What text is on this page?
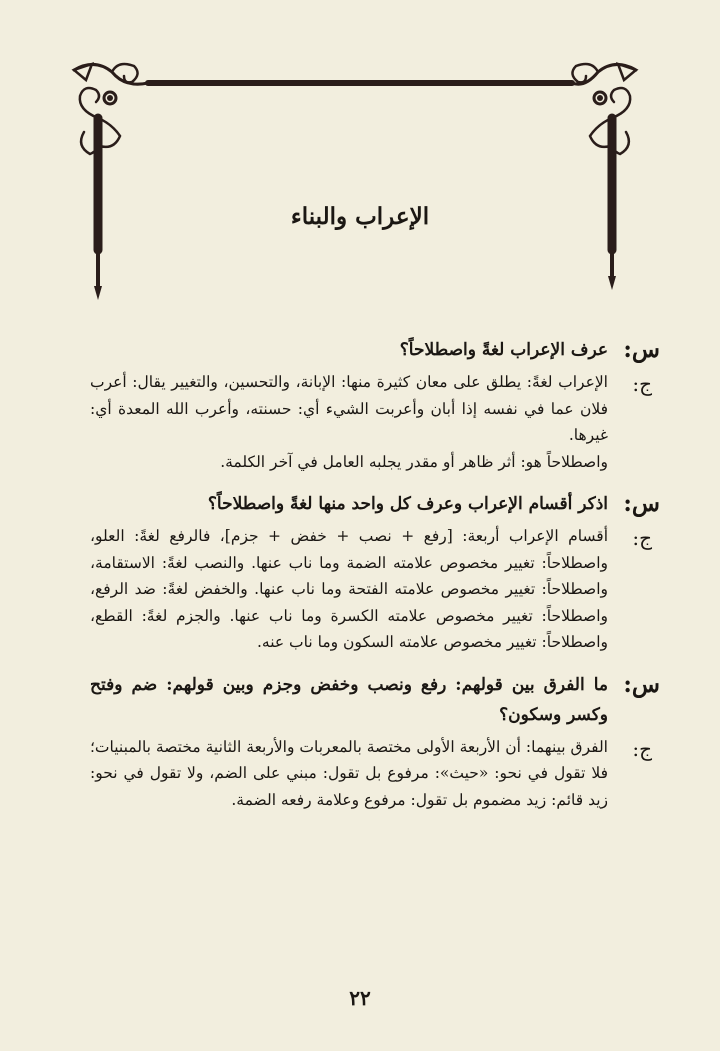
الإعراب والبناء
س:
عرف الإعراب لغةً واصطلاحاً؟
ج:

الإعراب لغةً: يطلق على معان كثيرة منها: الإبانة، والتحسين، والتغيير يقال: أعرب فلان عما في نفسه إذا أبان وأعربت الشيء أي: حسنته، وأعرب الله المعدة أي: غيرها.

واصطلاحاً هو: أثر ظاهر أو مقدر يجلبه العامل في آخر الكلمة.

س:
اذكر أقسام الإعراب وعرف كل واحد منها لغةً واصطلاحاً؟
ج:

أقسام الإعراب أربعة: [رفع + نصب + خفض + جزم]، فالرفع لغةً: العلو، واصطلاحاً: تغيير مخصوص علامته الضمة وما ناب عنها. والنصب لغةً: الاستقامة، واصطلاحاً: تغيير مخصوص علامته الفتحة وما ناب عنها. والخفض لغةً: ضد الرفع، واصطلاحاً: تغيير مخصوص علامته الكسرة وما ناب عنها. والجزم لغةً: القطع، واصطلاحاً: تغيير مخصوص علامته السكون وما ناب عنه.

س:
ما الفرق بين قولهم: رفع ونصب وخفض وجزم وبين قولهم: ضم وفتح وكسر وسكون؟
ج:

الفرق بينهما: أن الأربعة الأولى مختصة بالمعربات والأربعة الثانية مختصة بالمبنيات؛ فلا تقول في نحو: «حيث»: مرفوع بل تقول: مبني على الضم، ولا تقول في نحو: زيد قائم: زيد مضموم بل تقول: مرفوع وعلامة رفعه الضمة.

٢٢
